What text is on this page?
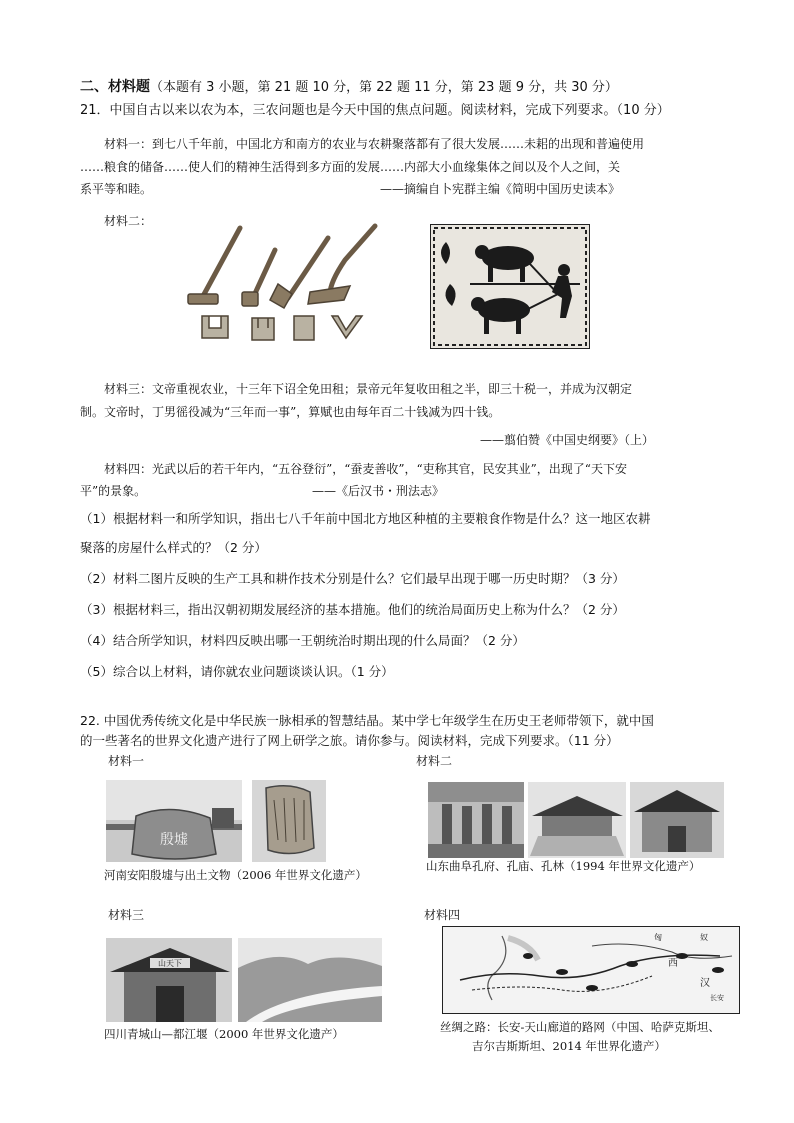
二、材料题（本题有 3 小题，第 21 题 10 分，第 22 题 11 分，第 23 题 9 分，共 30 分）
21．中国自古以来以农为本，三农问题也是今天中国的焦点问题。阅读材料，完成下列要求。（10 分）
材料一：到七八千年前，中国北方和南方的农业与农耕聚落都有了很大发展……未耜的出现和普遍使用
……粮食的储备……使人们的精神生活得到多方面的发展……内部大小血缘集体之间以及个人之间，关
系平等和睦。	——摘编自卜宪群主编《简明中国历史读本》
材料二：
材料三：文帝重视农业，十三年下诏全免田租；景帝元年复收田租之半，即三十税一，并成为汉朝定
制。文帝时，丁男徭役减为“三年而一事”，算赋也由每年百二十钱减为四十钱。
——翦伯赞《中国史纲要》（上）
材料四：光武以后的若干年内，“五谷登衍”，“蚕麦善收”，“吏称其官，民安其业”，出现了“天下安
平”的景象。	——《后汉书・刑法志》
（1）根据材料一和所学知识，指出七八千年前中国北方地区种植的主要粮食作物是什么？这一地区农耕
聚落的房屋什么样式的？（2 分）
（2）材料二图片反映的生产工具和耕作技术分别是什么？它们最早出现于哪一历史时期？（3 分）
（3）根据材料三，指出汉朝初期发展经济的基本措施。他们的统治局面历史上称为什么？（2 分）
（4）结合所学知识，材料四反映出哪一王朝统治时期出现的什么局面？（2 分）
（5）综合以上材料，请你就农业问题谈谈认识。（1 分）
22. 中国优秀传统文化是中华民族一脉相承的智慧结晶。某中学七年级学生在历史王老师带领下，就中国
的一些著名的世界文化遗产进行了网上研学之旅。请你参与。阅读材料，完成下列要求。（11 分）
材料一
殷墟
河南安阳殷墟与出土文物（2006 年世界文化遗产）
材料二
山东曲阜孔府、孔庙、孔林（1994 年世界文化遗产）
材料三
山天下
四川青城山—都江堰（2000 年世界文化遗产）
材料四
匈	奴
西
汉
长安
丝绸之路：长安-天山廊道的路网（中国、哈萨克斯坦、
吉尔吉斯斯坦、2014 年世界化遗产）
